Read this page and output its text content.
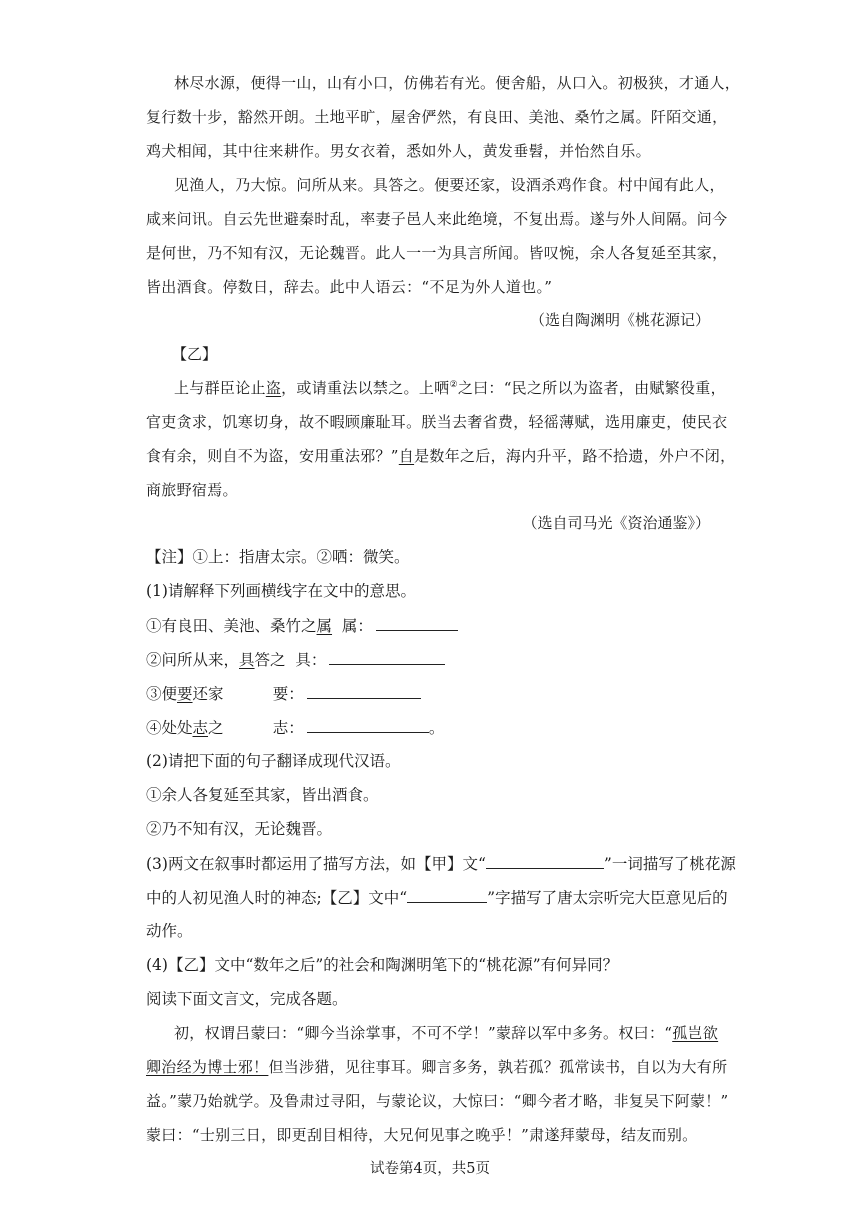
林尽水源，便得一山，山有小口，仿佛若有光。便舍船，从口入。初极狭，才通人，
复行数十步，豁然开朗。土地平旷，屋舍俨然，有良田、美池、桑竹之属。阡陌交通，
鸡犬相闻，其中往来耕作。男女衣着，悉如外人，黄发垂髫，并怡然自乐。
见渔人，乃大惊。问所从来。具答之。便要还家，设酒杀鸡作食。村中闻有此人，
咸来问讯。自云先世避秦时乱，率妻子邑人来此绝境，不复出焉。遂与外人间隔。问今
是何世，乃不知有汉，无论魏晋。此人一一为具言所闻。皆叹惋，余人各复延至其家，
皆出酒食。停数日，辞去。此中人语云：“不足为外人道也。”
（选自陶渊明《桃花源记）
【乙】
上与群臣论止盗，或请重法以禁之。上哂②之曰：“民之所以为盗者，由赋繁役重，
官吏贪求，饥寒切身，故不暇顾廉耻耳。朕当去奢省费，轻徭薄赋，选用廉吏，使民衣
食有余，则自不为盗，安用重法邪？”自是数年之后，海内升平，路不拾遗，外户不闭，
商旅野宿焉。
（选自司马光《资治通鉴》）
【注】①上：指唐太宗。②哂：微笑。
(1)请解释下列画横线字在文中的意思。
①有良田、美池、桑竹之属  属：
②问所从来，具答之  具：
③便要还家          要：
④处处志之          志：	。
(2)请把下面的句子翻译成现代汉语。
①余人各复延至其家，皆出酒食。
②乃不知有汉，无论魏晋。
(3)两文在叙事时都运用了描写方法，如【甲】文“	”一词描写了桃花源
中的人初见渔人时的神态;【乙】文中“	”字描写了唐太宗听完大臣意见后的
动作。
(4)【乙】文中“数年之后”的社会和陶渊明笔下的“桃花源”有何异同？
阅读下面文言文，完成各题。
初，权谓吕蒙曰：“卿今当涂掌事，不可不学！”蒙辞以军中多务。权曰：“孤岂欲
卿治经为博士邪！但当涉猎，见往事耳。卿言多务，孰若孤？孤常读书，自以为大有所
益。”蒙乃始就学。及鲁肃过寻阳，与蒙论议，大惊曰：“卿今者才略，非复吴下阿蒙！”
蒙曰：“士别三日，即更刮目相待，大兄何见事之晚乎！”肃遂拜蒙母，结友而别。
试卷第4页，共5页
